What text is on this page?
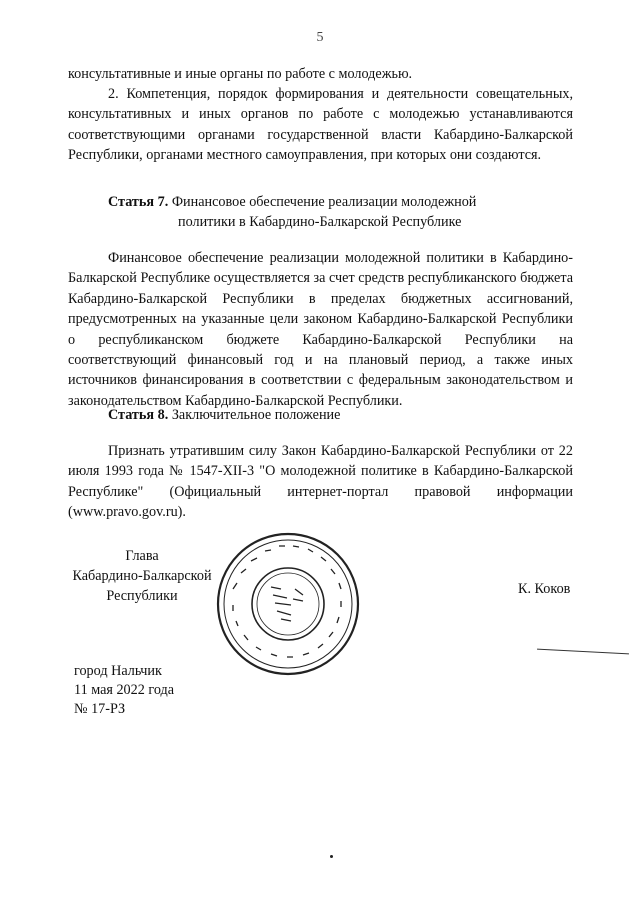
5
консультативные и иные органы по работе с молодежью.
2. Компетенция, порядок формирования и деятельности совещательных, консультативных и иных органов по работе с молодежью устанавливаются соответствующими органами государственной власти Кабардино-Балкарской Республики, органами местного самоуправления, при которых они создаются.
Статья 7. Финансовое обеспечение реализации молодежной
политики в Кабардино-Балкарской Республике
Финансовое обеспечение реализации молодежной политики в Кабардино-Балкарской Республике осуществляется за счет средств республиканского бюджета Кабардино-Балкарской Республики в пределах бюджетных ассигнований, предусмотренных на указанные цели законом Кабардино-Балкарской Республики о республиканском бюджете Кабардино-Балкарской Республики на соответствующий финансовый год и на плановый период, а также иных источников финансирования в соответствии с федеральным законодательством и законодательством Кабардино-Балкарской Республики.
Статья 8. Заключительное положение
Признать утратившим силу Закон Кабардино-Балкарской Республики от 22 июля 1993 года № 1547-XII-3 "О молодежной политике в Кабардино-Балкарской Республике" (Официальный интернет-портал правовой информации (www.pravo.gov.ru).
Глава
Кабардино-Балкарской
Республики	К. Коков
город Нальчик
11 мая 2022 года
№ 17-РЗ
